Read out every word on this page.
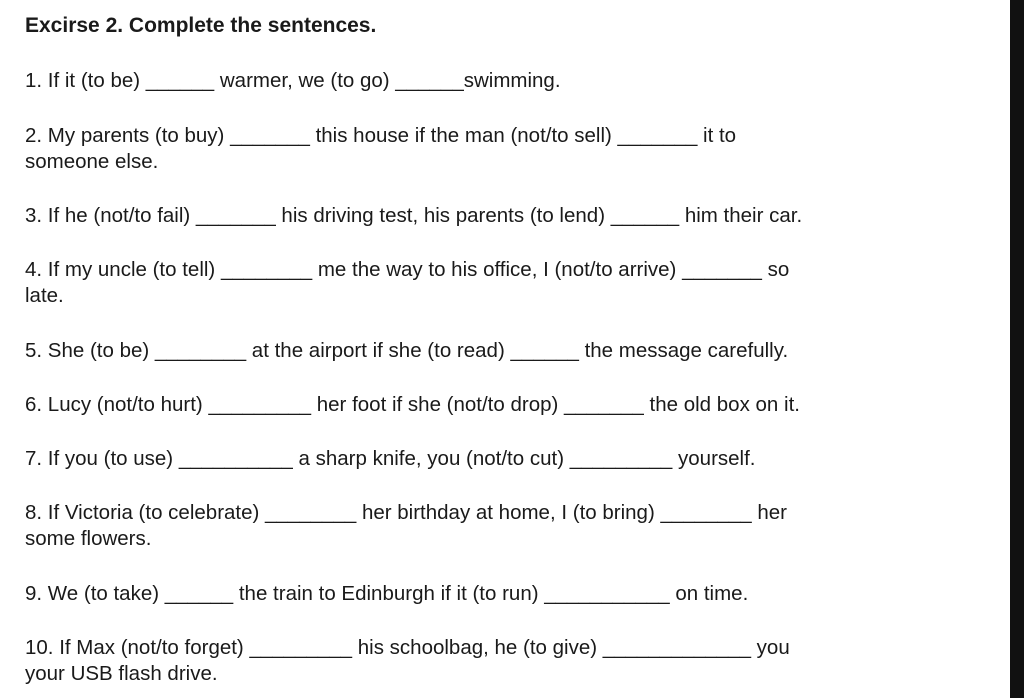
Excirse 2. Complete the sentences.
1. If it (to be) ______ warmer, we (to go) ______swimming.
2. My parents (to buy) _______ this house if the man (not/to sell) _______ it to
someone else.
3. If he (not/to fail) _______ his driving test, his parents (to lend) ______ him their car.
4. If my uncle (to tell) ________ me the way to his office, I (not/to arrive) _______ so
late.
5. She (to be) ________ at the airport if she (to read) ______ the message carefully.
6. Lucy (not/to hurt) _________ her foot if she (not/to drop) _______ the old box on it.
7. If you (to use) __________ a sharp knife, you (not/to cut) _________ yourself.
8. If Victoria (to celebrate) ________ her birthday at home, I (to bring) ________ her
some flowers.
9. We (to take) ______ the train to Edinburgh if it (to run) ___________ on time.
10. If Max (not/to forget) _________ his schoolbag, he (to give) _____________ you
your USB flash drive.
